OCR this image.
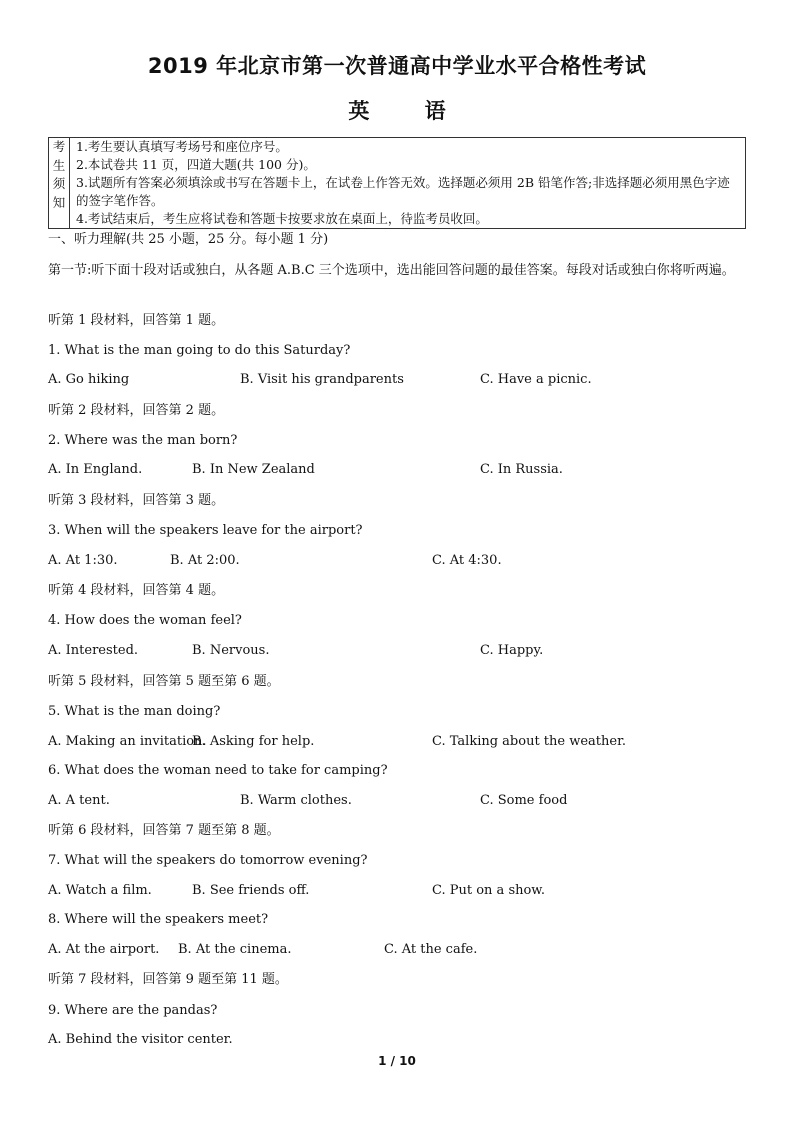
2019 年北京市第一次普通高中学业水平合格性考试
英 语
考
生
须
知
1.考生要认真填写考场号和座位序号。
2.本试卷共 11 页，四道大题(共 100 分)。
3.试题所有答案必须填涂或书写在答题卡上，在试卷上作答无效。选择题必须用 2B 铅笔作答;非选择题必须用黑色字迹的签字笔作答。
4.考试结束后，考生应将试卷和答题卡按要求放在桌面上，待监考员收回。
一、听力理解(共 25 小题，25 分。每小题 1 分)
第一节:听下面十段对话或独白，从各题 A.B.C 三个选项中，选出能回答问题的最佳答案。每段对话或独白你将听两遍。
听第 1 段材料，回答第 1 题。
1. What is the man going to do this Saturday?
A. Go hiking	B. Visit his grandparents	C. Have a picnic.
听第 2 段材料，回答第 2 题。
2. Where was the man born?
A. In England.	B. In New Zealand	C. In Russia.
听第 3 段材料，回答第 3 题。
3. When will the speakers leave for the airport?
A. At 1:30.	B. At 2:00.	C. At 4:30.
听第 4 段材料，回答第 4 题。
4. How does the woman feel?
A. Interested.	B. Nervous.	C. Happy.
听第 5 段材料，回答第 5 题至第 6 题。
5. What is the man doing?
A. Making an invitation.
B. Asking for help.	C. Talking about the weather.
6. What does the woman need to take for camping?
A. A tent.	B. Warm clothes.	C. Some food
听第 6 段材料，回答第 7 题至第 8 题。
7. What will the speakers do tomorrow evening?
A. Watch a film.	B. See friends off.	C. Put on a show.
8. Where will the speakers meet?
A. At the airport. B. At the cinema.	C. At the cafe.
听第 7 段材料，回答第 9 题至第 11 题。
9. Where are the pandas?
A. Behind the visitor center.
1 / 10
